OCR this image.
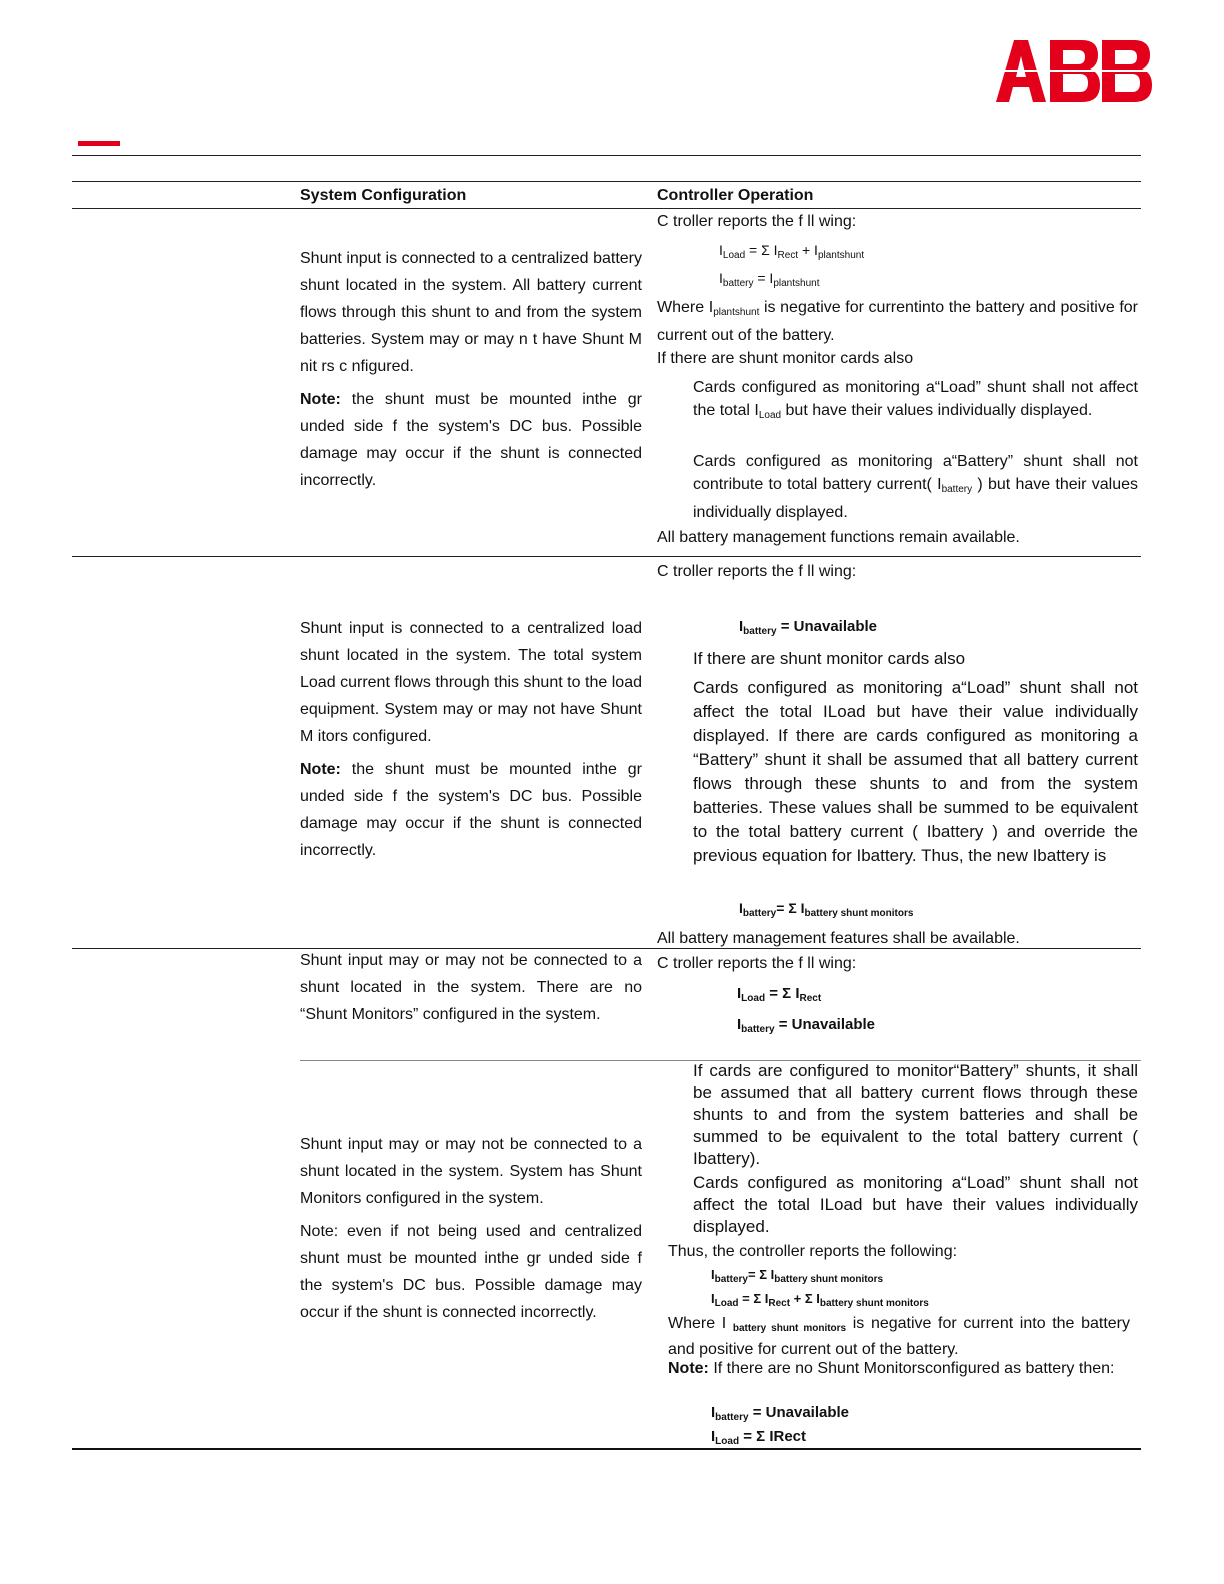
System Configuration	Controller Operation
Shunt input is connected to a centralized battery shunt located in the system. All battery current flows through this shunt to and from the system batteries. System may or may n t have Shunt M nit rs c nfigured.
Note: the shunt must be mounted inthe gr unded side f the system's DC bus. Possible damage may occur if the shunt is connected incorrectly.
C troller reports the f ll wing:
$I_{Load} = \Sigma$ $I_{Rect} + I_{plantshunt}$
$I_{battery} = I_{plantshunt}$
Where $I_{plantshunt}$ is negative for currentinto the battery and positive for current out of the battery.
If there are shunt monitor cards also
Cards configured as monitoring a“Load” shunt shall not affect the total $I_{Load}$ but have their values individually displayed.
Cards configured as monitoring a“Battery” shunt shall not contribute to total battery current( $I_{battery}$ ) but have their values individually displayed.
All battery management functions remain available.
Shunt input is connected to a centralized load shunt located in the system. The total system Load current flows through this shunt to the load equipment. System may or may not have Shunt M itors configured.
Note: the shunt must be mounted inthe gr unded side f the system's DC bus. Possible damage may occur if the shunt is connected incorrectly.
C troller reports the f ll wing:
$I_{battery}$ = Unavailable
If there are shunt monitor cards also
Cards configured as monitoring a“Load” shunt shall not affect the total ILoad but have their value individually displayed. If there are cards configured as monitoring a “Battery” shunt it shall be assumed that all battery current flows through these shunts to and from the system batteries. These values shall be summed to be equivalent to the total battery current ( Ibattery ) and override the previous equation for Ibattery. Thus, the new Ibattery is
$I_{battery}= \Sigma$ $I_{battery shunt monitors}$
All battery management features shall be available.
Shunt input may or may not be connected to a shunt located in the system. There are no “Shunt Monitors” configured in the system.
C troller reports the f ll wing:
$I_{Load} = \Sigma$ $I_{Rect}$
$I_{battery}$ = Unavailable
Shunt input may or may not be connected to a shunt located in the system. System has Shunt Monitors configured in the system.
Note: even if not being used and centralized shunt must be mounted inthe gr unded side f the system's DC bus. Possible damage may occur if the shunt is connected incorrectly.
If cards are configured to monitor“Battery” shunts, it shall be assumed that all battery current flows through these shunts to and from the system batteries and shall be summed to be equivalent to the total battery current ( Ibattery).
Cards configured as monitoring a“Load” shunt shall not affect the total ILoad but have their values individually displayed.
Thus, the controller reports the following:
$I_{battery}= \Sigma$ $I_{battery shunt monitors}$
$I_{Load} = \Sigma$ $I_{Rect} + \Sigma$ $I_{battery shunt monitors}$
Where I $_{battery shunt monitors}$ is negative for current into the battery and positive for current out of the battery.
Note: If there are no Shunt Monitorsconfigured as battery then:
$I_{battery}$ = Unavailable
$I_{Load} = \Sigma$ IRect
